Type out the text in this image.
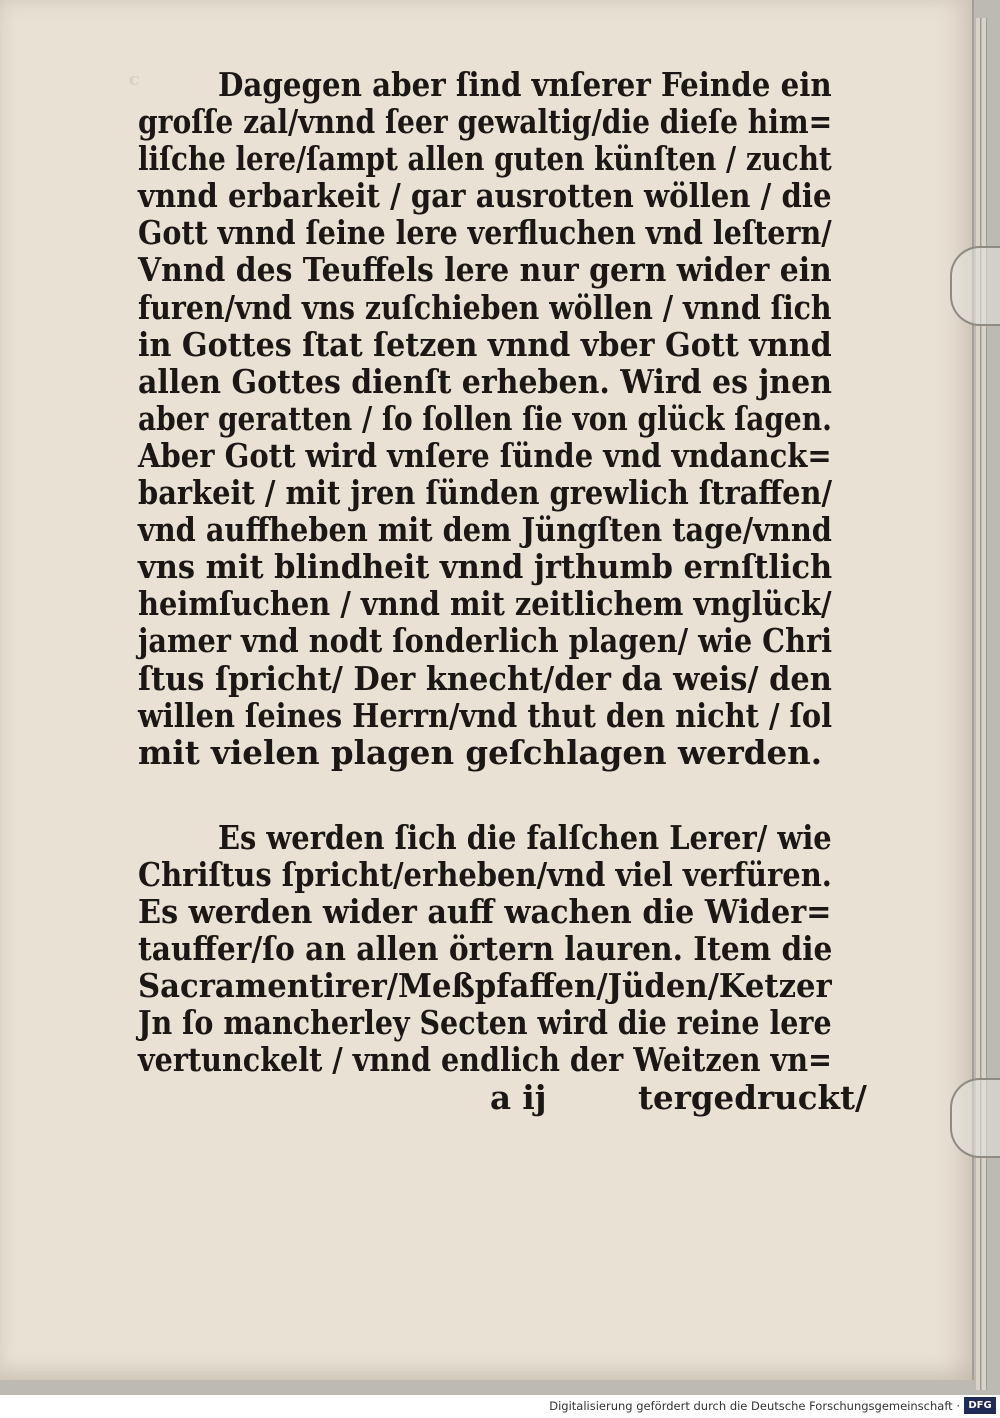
ᶜ	Dagegen aber ſind vnſerer Feinde ein
groſſe zal/vnnd ſeer gewaltig/die dieſe him=
liſche lere/ſampt allen guten künſten / zucht
vnnd erbarkeit / gar ausrotten wöllen / die
Gott vnnd ſeine lere verfluchen vnd leſtern/
Vnnd des Teuffels lere nur gern wider ein
furen/vnd vns zuſchieben wöllen / vnnd ſich
in Gottes ſtat ſetzen vnnd vber Gott vnnd
allen Gottes dienſt erheben. Wird es jnen
aber geratten / ſo ſollen ſie von glück ſagen.
Aber Gott wird vnſere ſünde vnd vndanck=
barkeit / mit jren ſünden grewlich ſtraffen/
vnd auffheben mit dem Jüngſten tage/vnnd
vns mit blindheit vnnd jrthumb ernſtlich
heimſuchen / vnnd mit zeitlichem vnglück/
jamer vnd nodt ſonderlich plagen/ wie Chri
ſtus ſpricht/ Der knecht/der da weis/ den
willen ſeines Herrn/vnd thut den nicht / ſol
mit vielen plagen geſchlagen werden.
Es werden ſich die falſchen Lerer/ wie
Chriſtus ſpricht/erheben/vnd viel verfüren.
Es werden wider auff wachen die Wider=
tauffer/ſo an allen örtern lauren. Item die
Sacramentirer/Meßpfaffen/Jüden/Ketzer
Jn ſo mancherley Secten wird die reine lere
vertunckelt / vnnd endlich der Weitzen vn=
a ij	tergedruckt/
Digitalisierung gefördert durch die Deutsche Forschungsgemeinschaft · DFG
